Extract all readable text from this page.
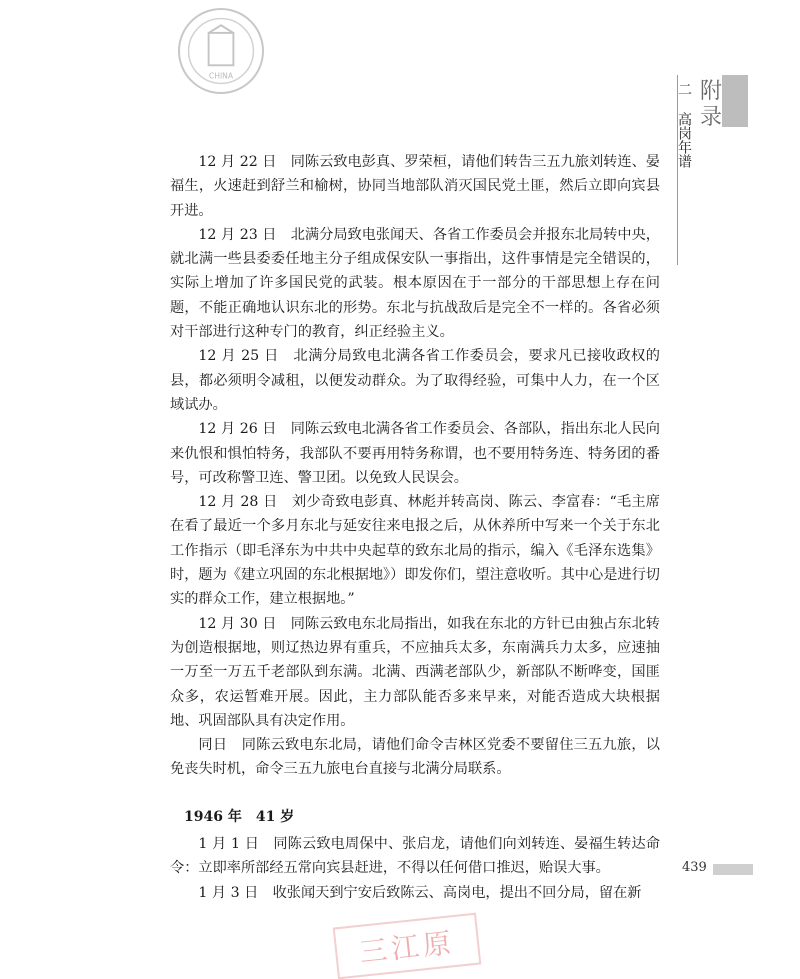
CHINA
附
录
二 高岗年谱

12 月 22 日　 同陈云致电彭真、罗荣桓，请他们转告三五九旅刘转连、晏福生，火速赶到舒兰和榆树，协同当地部队消灭国民党土匪，然后立即向宾县开进。

12 月 23 日　 北满分局致电张闻天、各省工作委员会并报东北局转中央，就北满一些县委委任地主分子组成保安队一事指出，这件事情是完全错误的，实际上增加了许多国民党的武装。根本原因在于一部分的干部思想上存在问题，不能正确地认识东北的形势。东北与抗战敌后是完全不一样的。各省必须对干部进行这种专门的教育，纠正经验主义。

12 月 25 日　 北满分局致电北满各省工作委员会，要求凡已接收政权的县，都必须明令减租，以便发动群众。为了取得经验，可集中人力，在一个区域试办。

12 月 26 日　 同陈云致电北满各省工作委员会、各部队，指出东北人民向来仇恨和惧怕特务，我部队不要再用特务称谓，也不要用特务连、特务团的番号，可改称警卫连、警卫团。以免致人民误会。

12 月 28 日　 刘少奇致电彭真、林彪并转高岗、陈云、李富春：“毛主席在看了最近一个多月东北与延安往来电报之后，从休养所中写来一个关于东北工作指示（即毛泽东为中共中央起草的致东北局的指示，编入《毛泽东选集》时，题为《建立巩固的东北根据地》）即发你们，望注意收听。其中心是进行切实的群众工作，建立根据地。”

12 月 30 日　 同陈云致电东北局指出，如我在东北的方针已由独占东北转为创造根据地，则辽热边界有重兵，不应抽兵太多，东南满兵力太多，应速抽一万至一万五千老部队到东满。北满、西满老部队少，新部队不断哗变，国匪众多，农运暂难开展。因此，主力部队能否多来早来，对能否造成大块根据地、巩固部队具有决定作用。

同日　 同陈云致电东北局，请他们命令吉林区党委不要留住三五九旅，以免丧失时机，命令三五九旅电台直接与北满分局联系。

1946 年　41 岁

1 月 1 日　 同陈云致电周保中、张启龙，请他们向刘转连、晏福生转达命令：立即率所部经五常向宾县赶进，不得以任何借口推迟，贻误大事。

1 月 3 日　 收张闻天到宁安后致陈云、高岗电，提出不回分局，留在新

439
三江原
